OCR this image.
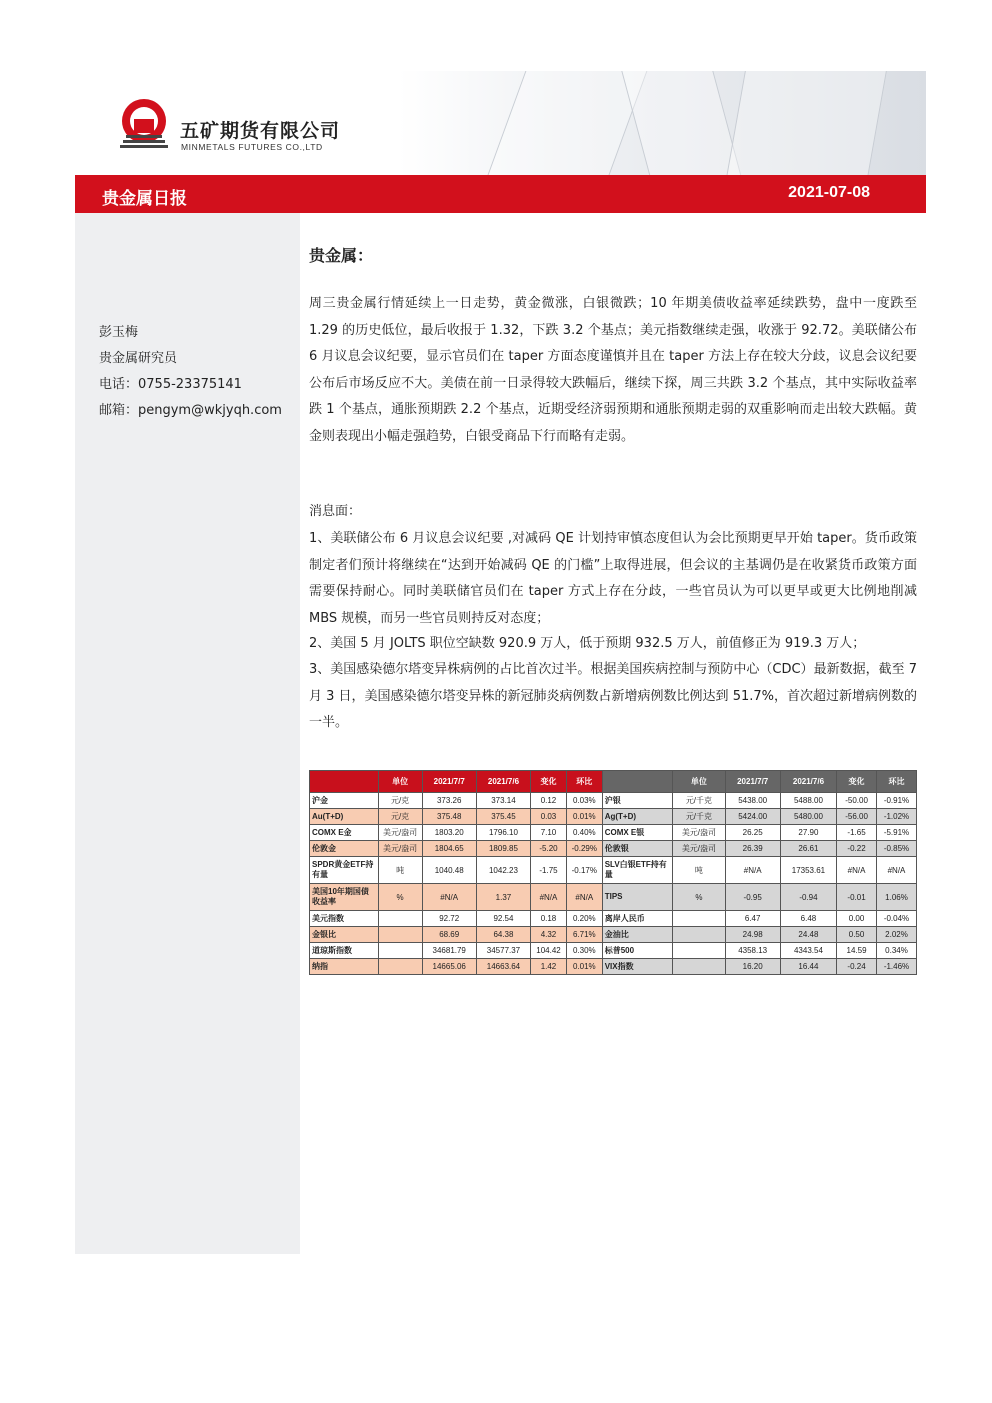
五矿期货有限公司
MINMETALS FUTURES CO.,LTD
贵金属日报	2021-07-08
彭玉梅
贵金属研究员
电话：0755-23375141
邮箱：pengym@wkjyqh.com
贵金属：

周三贵金属行情延续上一日走势，黄金微涨，白银微跌；10 年期美债收益率延续跌势，盘中一度跌至 1.29 的历史低位，最后收报于 1.32，下跌 3.2 个基点；美元指数继续走强，收涨于 92.72。美联储公布 6 月议息会议纪要，显示官员们在 taper 方面态度谨慎并且在 taper 方法上存在较大分歧，议息会议纪要公布后市场反应不大。美债在前一日录得较大跌幅后，继续下探，周三共跌 3.2 个基点，其中实际收益率跌 1 个基点，通胀预期跌 2.2 个基点，近期受经济弱预期和通胀预期走弱的双重影响而走出较大跌幅。黄金则表现出小幅走强趋势，白银受商品下行而略有走弱。

消息面：

1、美联储公布 6 月议息会议纪要 ,对减码 QE 计划持审慎态度但认为会比预期更早开始 taper。货币政策制定者们预计将继续在“达到开始减码 QE 的门槛”上取得进展，但会议的主基调仍是在收紧货币政策方面需要保持耐心。同时美联储官员们在 taper 方式上存在分歧，一些官员认为可以更早或更大比例地削减 MBS 规模，而另一些官员则持反对态度；

2、美国 5 月 JOLTS 职位空缺数 920.9 万人，低于预期 932.5 万人，前值修正为 919.3 万人；

3、美国感染德尔塔变异株病例的占比首次过半。根据美国疾病控制与预防中心（CDC）最新数据，截至 7 月 3 日，美国感染德尔塔变异株的新冠肺炎病例数占新增病例数比例达到 51.7%，首次超过新增病例数的一半。

	单位	2021/7/7	2021/7/6	变化	环比		单位	2021/7/7	2021/7/6	变化	环比
沪金	元/克	373.26	373.14	0.12	0.03%	沪银	元/千克	5438.00	5488.00	-50.00	-0.91%
Au(T+D)	元/克	375.48	375.45	0.03	0.01%	Ag(T+D)	元/千克	5424.00	5480.00	-56.00	-1.02%
COMX E金	美元/盎司	1803.20	1796.10	7.10	0.40%	COMX E银	美元/盎司	26.25	27.90	-1.65	-5.91%
伦敦金	美元/盎司	1804.65	1809.85	-5.20	-0.29%	伦敦银	美元/盎司	26.39	26.61	-0.22	-0.85%
SPDR黄金ETF持有量	吨	1040.48	1042.23	-1.75	-0.17%	SLV白银ETF持有量	吨	#N/A	17353.61	#N/A	#N/A
美国10年期国债收益率	%	#N/A	1.37	#N/A	#N/A	TIPS	%	-0.95	-0.94	-0.01	1.06%
美元指数		92.72	92.54	0.18	0.20%	离岸人民币		6.47	6.48	0.00	-0.04%
金银比		68.69	64.38	4.32	6.71%	金油比		24.98	24.48	0.50	2.02%
道琼斯指数		34681.79	34577.37	104.42	0.30%	标普500		4358.13	4343.54	14.59	0.34%
纳指		14665.06	14663.64	1.42	0.01%	VIX指数		16.20	16.44	-0.24	-1.46%
